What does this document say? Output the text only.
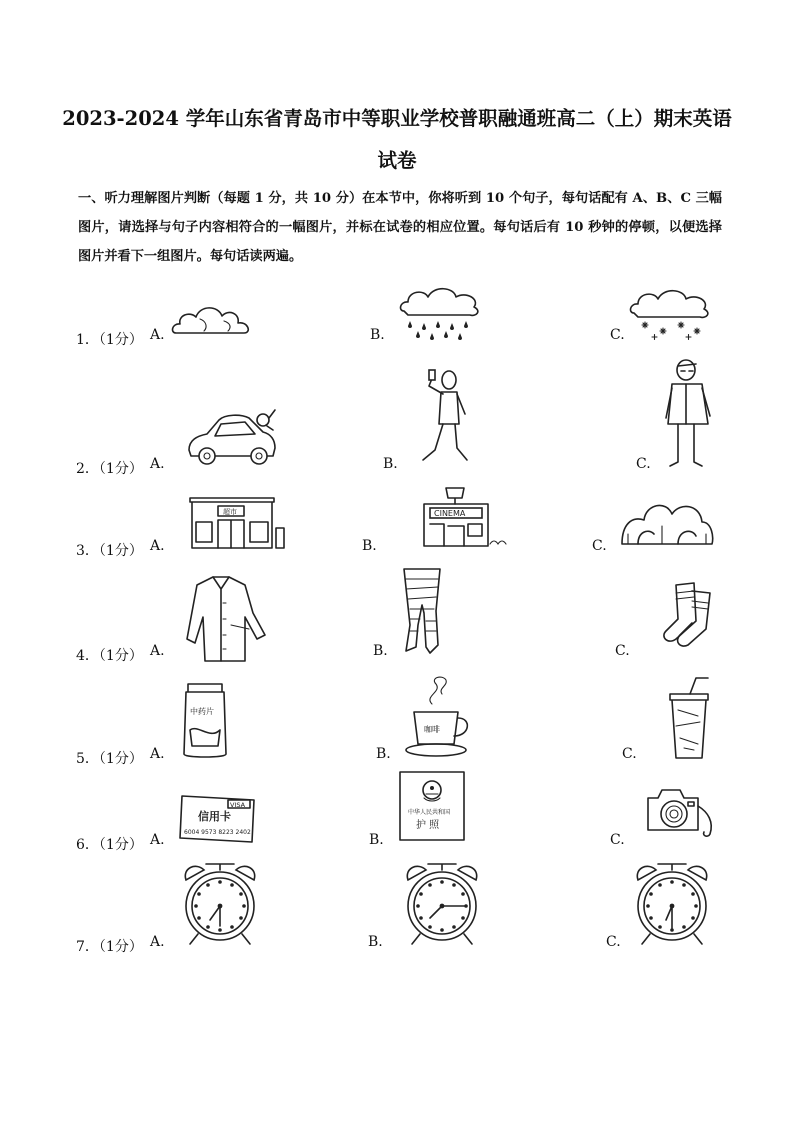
2023-2024 学年山东省青岛市中等职业学校普职融通班高二（上）期末英语试卷
一、听力理解图片判断（每题 1 分，共 10 分）在本节中，你将听到 10 个句子，每句话配有 A、B、C 三幅图片，请选择与句子内容相符合的一幅图片，并标在试卷的相应位置。每句话后有 10 秒钟的停顿，以便选择图片并看下一组图片。每句话读两遍。
1．（1分） A.	B.	C.
2．（1分） A.	B.	C.
3．（1分） A.	B.	C.
超市	CINEMA
4．（1分） A.	B.	C.
5．（1分） A.	B.	C.
中药片
咖啡
6．（1分） A.	B.	C.
VISA
信用卡
6004 9573 8223 2402
中华人民共和国
护 照
7．（1分） A.	B.	C.
